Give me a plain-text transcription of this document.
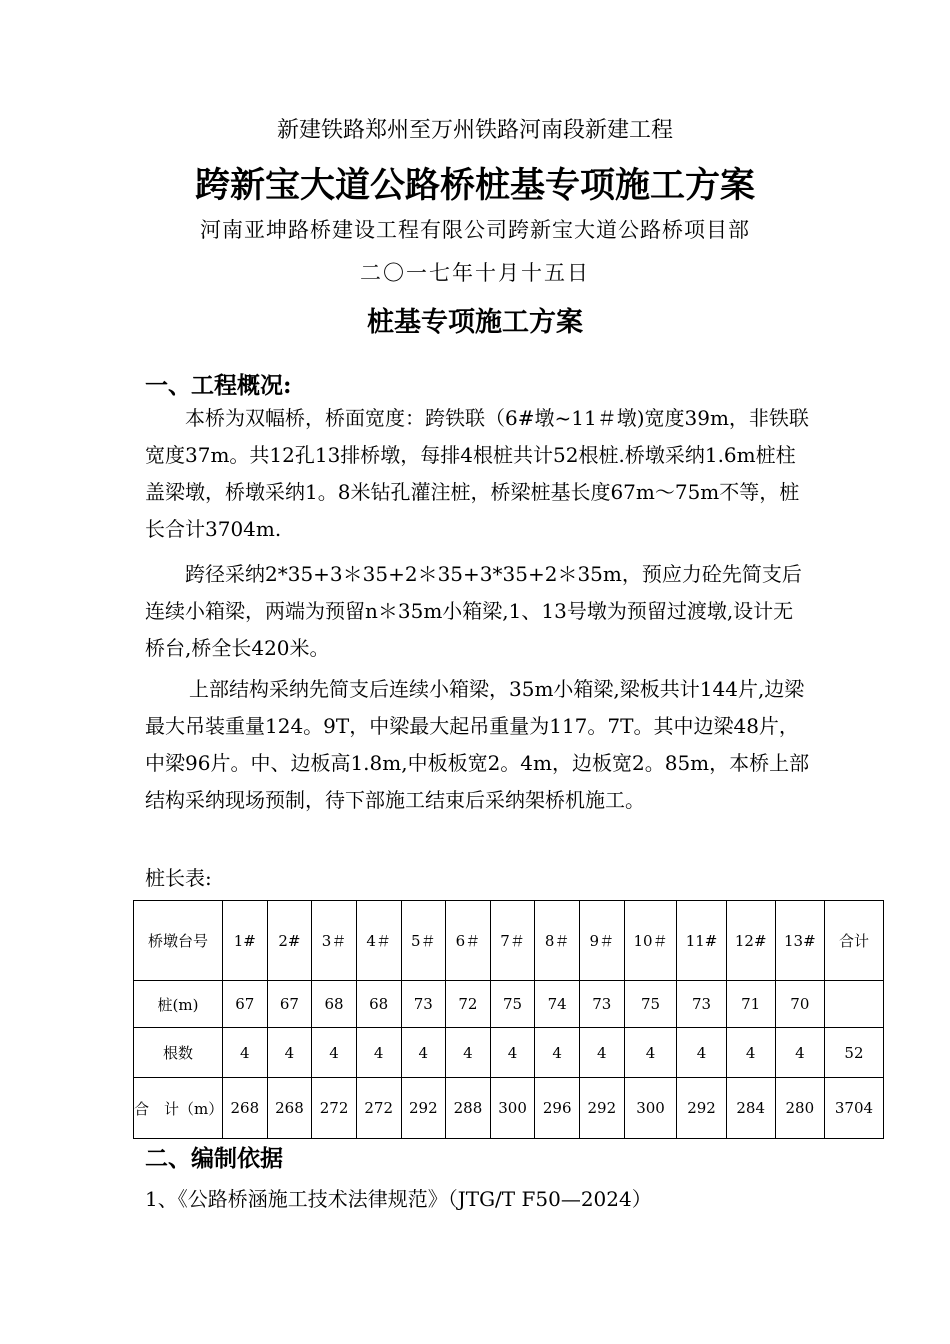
新建铁路郑州至万州铁路河南段新建工程
跨新宝大道公路桥桩基专项施工方案
河南亚坤路桥建设工程有限公司跨新宝大道公路桥项目部
二〇一七年十月十五日
桩基专项施工方案
一、工程概况:
本桥为双幅桥，桥面宽度：跨铁联（6#墩~11＃墩)宽度39m，非铁联宽度37m。共12孔13排桥墩，每排4根桩共计52根桩.桥墩采纳1.6m桩柱盖梁墩，桥墩采纳1。8米钻孔灌注桩，桥梁桩基长度67m～75m不等，桩长合计3704m.
跨径采纳2*35+3＊35+2＊35+3*35+2＊35m，预应力砼先简支后连续小箱梁，两端为预留n＊35m小箱梁,1、13号墩为预留过渡墩,设计无桥台,桥全长420米。
上部结构采纳先简支后连续小箱梁，35m小箱梁,梁板共计144片,边梁最大吊装重量124。9T，中梁最大起吊重量为117。7T。其中边梁48片，中梁96片。中、边板高1.8m,中板板宽2。4m，边板宽2。85m，本桥上部结构采纳现场预制，待下部施工结束后采纳架桥机施工。
桩长表:
桥墩台号	1#	2#	3＃	4＃	5＃	6＃	7＃	8＃	9＃	10＃	11#	12#	13#	合计
桩(m)	67	67	68	68	73	72	75	74	73	75	73	71	70	
根数	4	4	4	4	4	4	4	4	4	4	4	4	4	52
合　计（m）	268	268	272	272	292	288	300	296	292	300	292	284	280	3704
二、编制依据
1、《公路桥涵施工技术法律规范》（JTG/T F50—2024）
